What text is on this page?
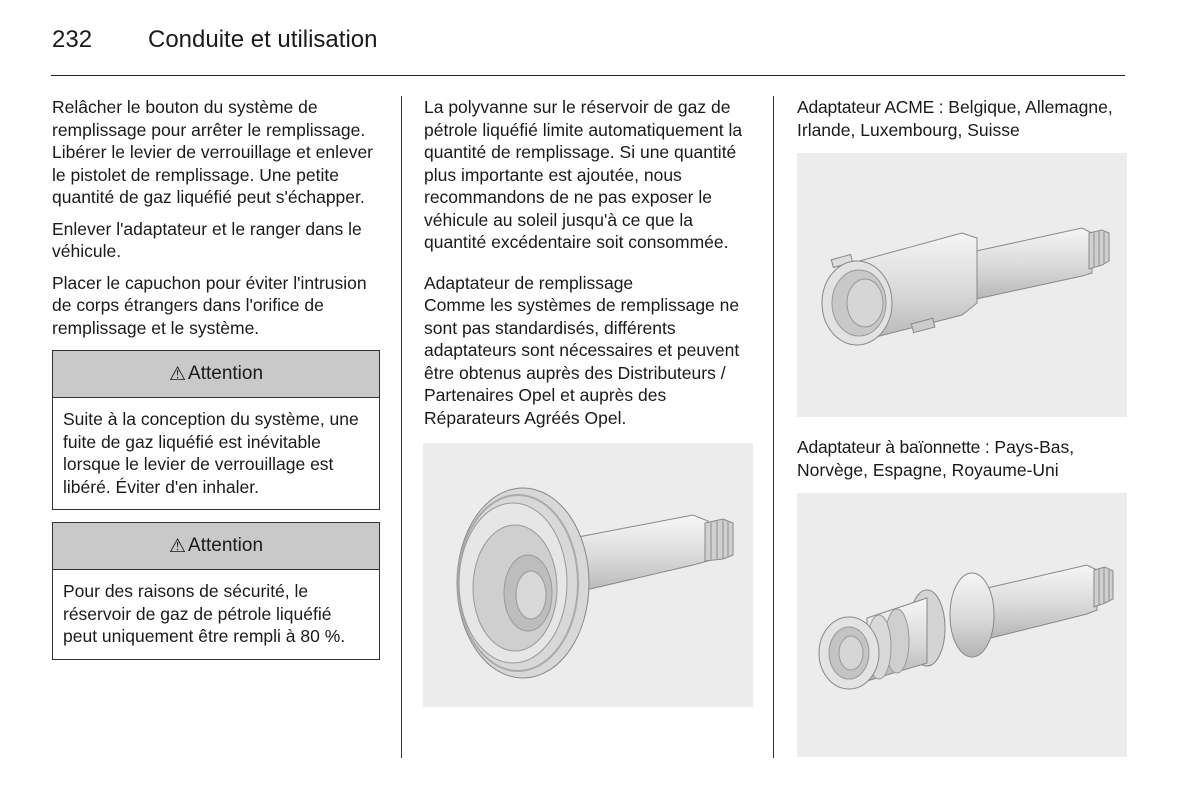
232 Conduite et utilisation

Relâcher le bouton du système de remplissage pour arrêter le remplissage. Libérer le levier de verrouillage et enlever le pistolet de remplissage. Une petite quantité de gaz liquéfié peut s'échapper.

Enlever l'adaptateur et le ranger dans le véhicule.

Placer le capuchon pour éviter l'intrusion de corps étrangers dans l'orifice de remplissage et le système.

⚠ Attention
Suite à la conception du système, une fuite de gaz liquéfié est inévitable lorsque le levier de verrouillage est libéré. Éviter d'en inhaler.
⚠ Attention
Pour des raisons de sécurité, le réservoir de gaz de pétrole liquéfié peut uniquement être rempli à 80 %.

La polyvanne sur le réservoir de gaz de pétrole liquéfié limite automatiquement la quantité de remplissage. Si une quantité plus importante est ajoutée, nous recommandons de ne pas exposer le véhicule au soleil jusqu'à ce que la quantité excédentaire soit consommée.

Adaptateur de remplissage

Comme les systèmes de remplissage ne sont pas standardisés, différents adaptateurs sont nécessaires et peuvent être obtenus auprès des Distributeurs / Partenaires Opel et auprès des Réparateurs Agréés Opel.

Adaptateur ACME : Belgique, Allemagne, Irlande, Luxembourg, Suisse

Adaptateur à baïonnette : Pays-Bas, Norvège, Espagne, Royaume-Uni
